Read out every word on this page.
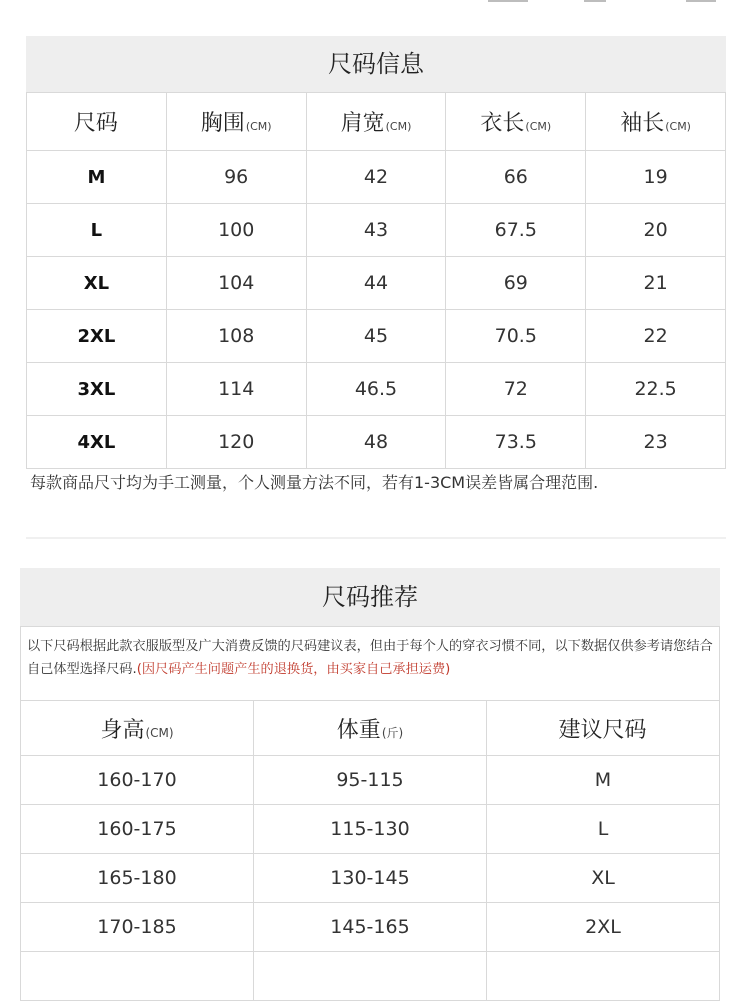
尺码信息
尺码	胸围(CM)	肩宽(CM)	衣长(CM)	袖长(CM)
M	96	42	66	19
L	100	43	67.5	20
XL	104	44	69	21
2XL	108	45	70.5	22
3XL	114	46.5	72	22.5
4XL	120	48	73.5	23
每款商品尺寸均为手工测量，个人测量方法不同，若有1-3CM误差皆属合理范围.
尺码推荐
以下尺码根据此款衣服版型及广大消费反馈的尺码建议表，但由于每个人的穿衣习惯不同，以下数据仅供参考请您结合自己体型选择尺码.(因尺码产生问题产生的退换货，由买家自己承担运费)
身高(CM)	体重(斤)	建议尺码
160-170	95-115	M
160-175	115-130	L
165-180	130-145	XL
170-185	145-165	2XL
